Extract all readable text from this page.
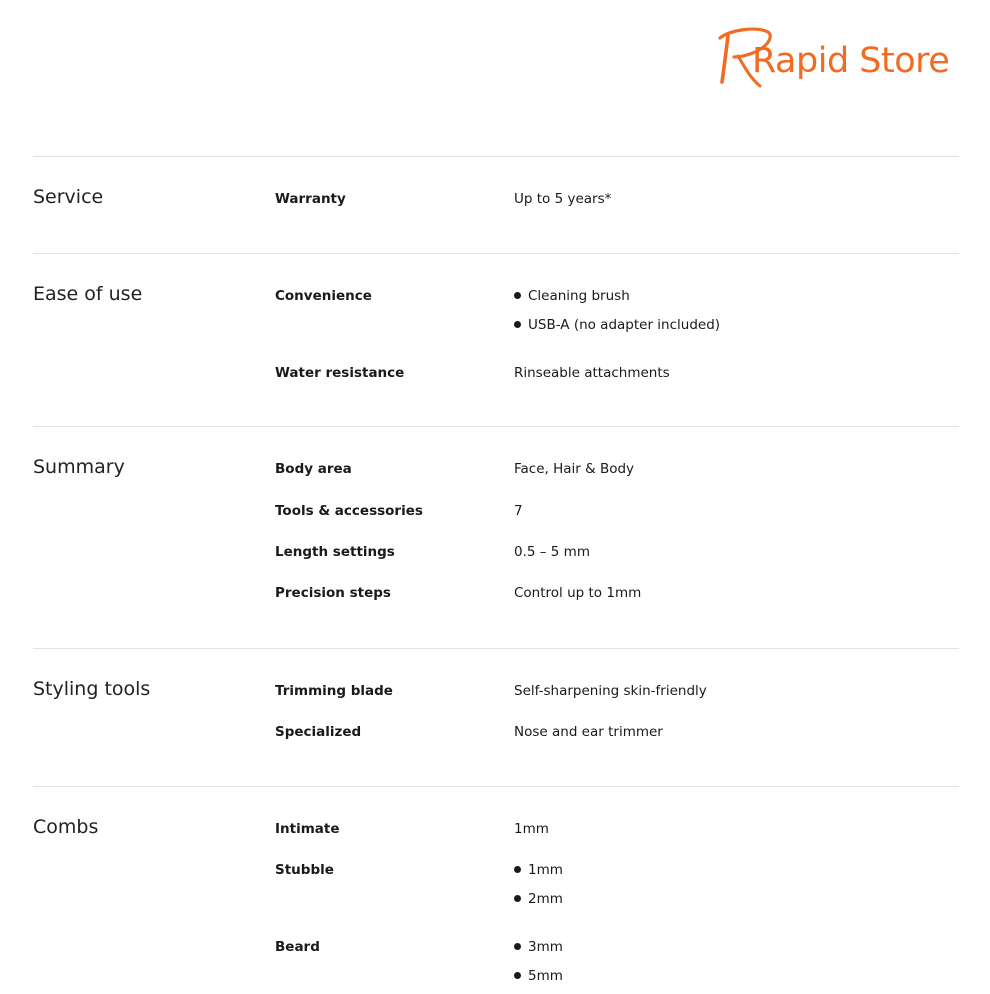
Rapid Store
Service	Warranty	Up to 5 years*
Ease of use	Convenience	Cleaning brush
USB-A (no adapter included)
Water resistance	Rinseable attachments
Summary	Body area	Face, Hair & Body
Tools & accessories	7
Length settings	0.5 – 5 mm
Precision steps	Control up to 1mm
Styling tools	Trimming blade	Self-sharpening skin-friendly
Specialized	Nose and ear trimmer
Combs	Intimate	1mm
Stubble	1mm
2mm
Beard	3mm
5mm
